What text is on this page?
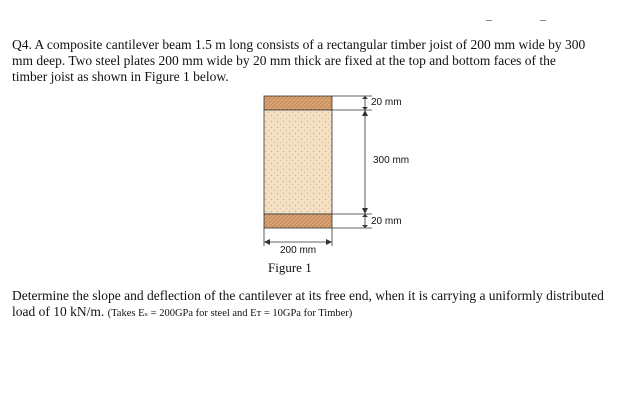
Q4. A composite cantilever beam 1.5 m long consists of a rectangular timber joist of 200 mm wide by 300 mm deep. Two steel plates 200 mm wide by 20 mm thick are fixed at the top and bottom faces of the timber joist as shown in Figure 1 below.

20 mm
300 mm
20 mm
200 mm

Figure 1

Determine the slope and deflection of the cantilever at its free end, when it is carrying a uniformly distributed load of 10 kN/m. (Takes Eₛ = 200GPa for steel and Eᴛ = 10GPa for Timber)
